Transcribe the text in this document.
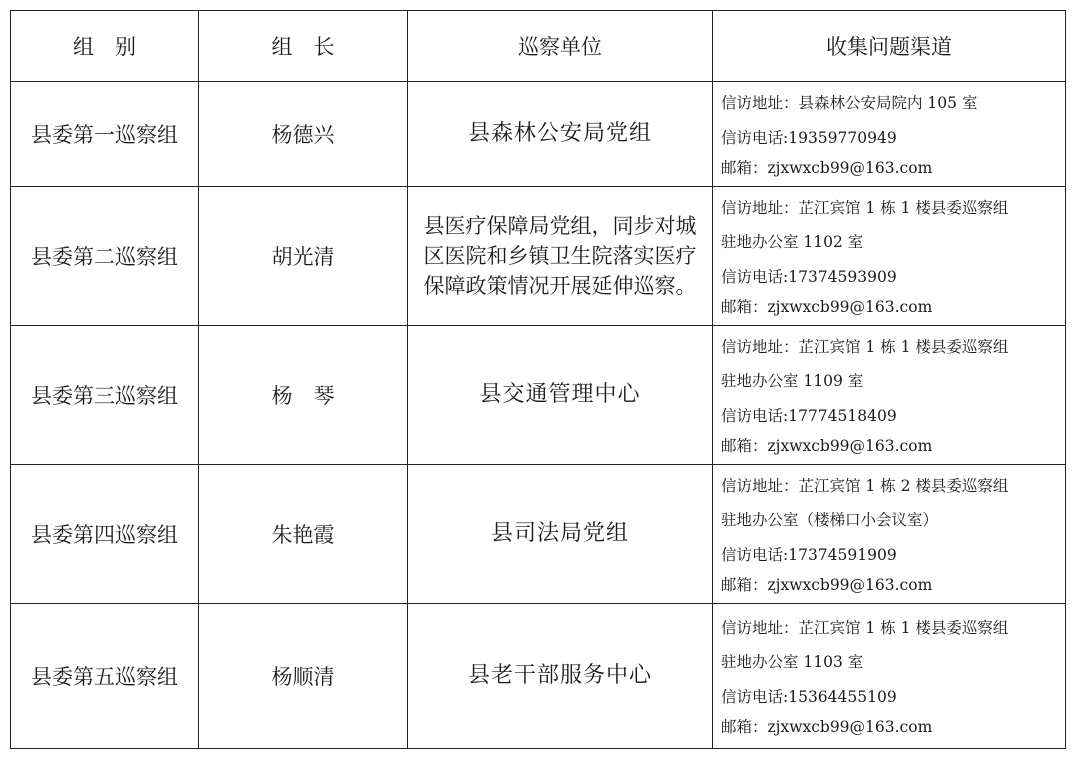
组　别	组　长	巡察单位	收集问题渠道
县委第一巡察组	杨德兴	县森林公安局党组	信访地址：县森林公安局院内 105 室
信访电话:19359770949
邮箱：zjxwxcb99@163.com

县委第二巡察组	胡光清	县医疗保障局党组，同步对城区医院和乡镇卫生院落实医疗保障政策情况开展延伸巡察。	信访地址：芷江宾馆 1 栋 1 楼县委巡察组
驻地办公室 1102 室
信访电话:17374593909
邮箱：zjxwxcb99@163.com

县委第三巡察组	杨　琴	县交通管理中心	信访地址：芷江宾馆 1 栋 1 楼县委巡察组
驻地办公室 1109 室
信访电话:17774518409
邮箱：zjxwxcb99@163.com

县委第四巡察组	朱艳霞	县司法局党组	信访地址：芷江宾馆 1 栋 2 楼县委巡察组
驻地办公室（楼梯口小会议室）
信访电话:17374591909
邮箱：zjxwxcb99@163.com

县委第五巡察组	杨顺清	县老干部服务中心	信访地址：芷江宾馆 1 栋 1 楼县委巡察组
驻地办公室 1103 室
信访电话:15364455109
邮箱：zjxwxcb99@163.com
